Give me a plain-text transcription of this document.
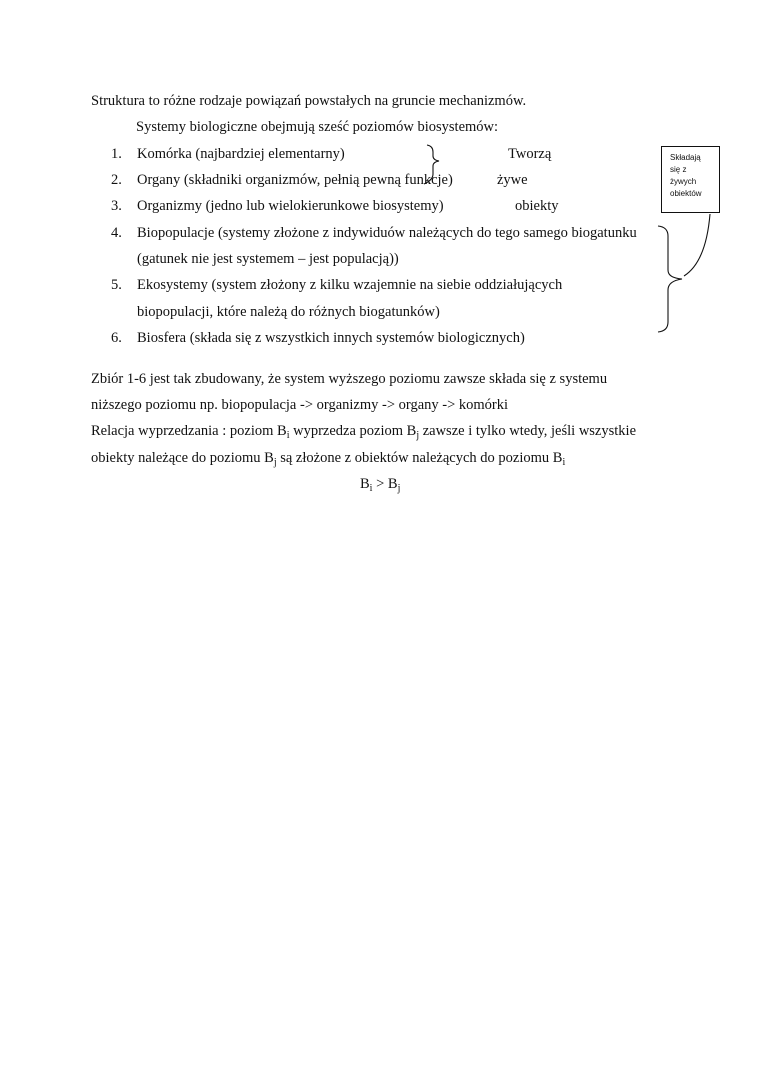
Struktura to różne rodzaje powiązań powstałych na gruncie mechanizmów.
Systemy biologiczne obejmują sześć poziomów biosystemów:
1. Komórka (najbardziej elementarny)
2. Organy (składniki organizmów, pełnią pewną funkcje)
3. Organizmy (jedno lub wielokierunkowe biosystemy)
4. Biopopulacje (systemy złożone z indywiduów należących do tego samego biogatunku
(gatunek nie jest systemem – jest populacją))
5. Ekosystemy (system złożony z kilku wzajemnie na siebie oddziałujących
biopopulacji, które należą do różnych biogatunków)
6. Biosfera (składa się z wszystkich innych systemów biologicznych)
Tworzą
żywe
obiekty
Składają
się z
żywych
obiektów
Zbiór 1-6 jest tak zbudowany, że system wyższego poziomu zawsze składa się z systemu
niższego poziomu np. biopopulacja -> organizmy -> organy -> komórki
Relacja wyprzedzania : poziom $B_i$ wyprzedza poziom $B_j$ zawsze i tylko wtedy, jeśli wszystkie
obiekty należące do poziomu $B_j$ są złożone z obiektów należących do poziomu $B_i$
$B_i > B_j$
